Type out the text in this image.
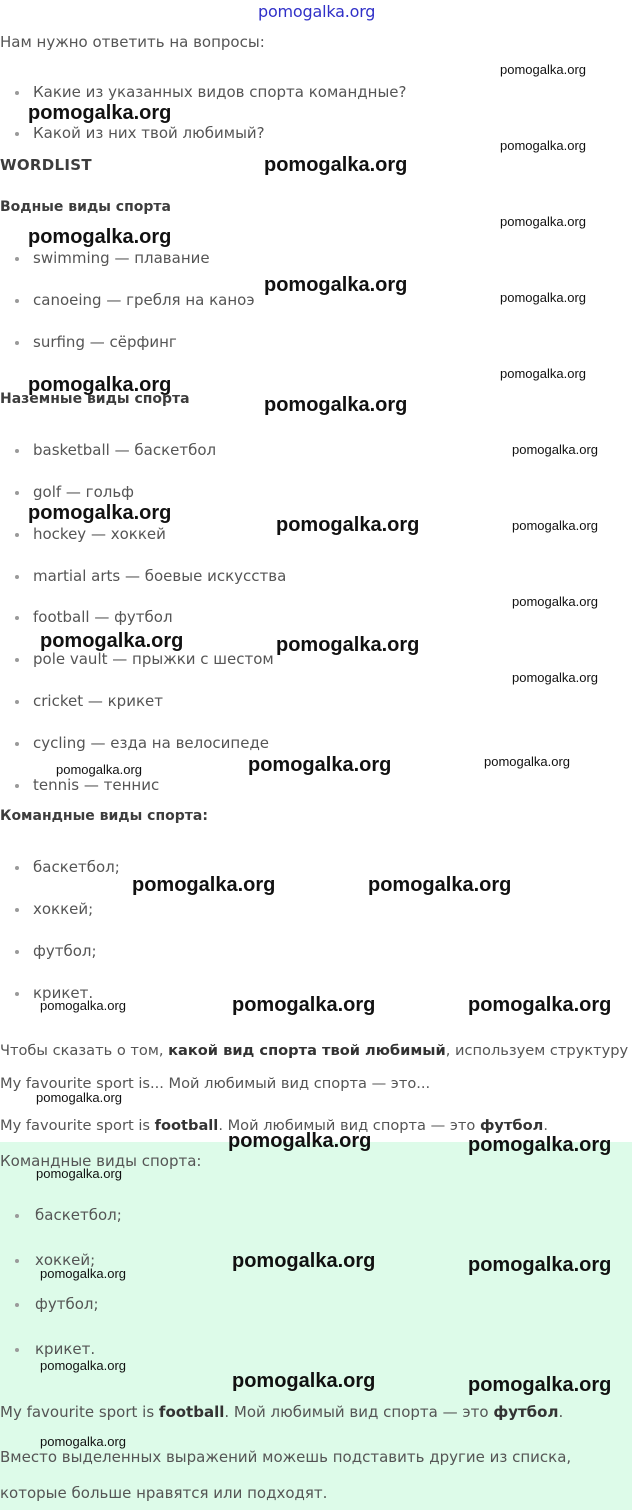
pomogalka.org
Нам нужно ответить на вопросы:
Какие из указанных видов спорта командные?
Какой из них твой любимый?
WORDLIST
Водные виды спорта
swimming — плавание
canoeing — гребля на каноэ
surfing — сёрфинг
Наземные виды спорта
basketball — баскетбол
golf — гольф
hockey — хоккей
martial arts — боевые искусства
football — футбол
pole vault — прыжки с шестом
cricket — крикет
cycling — езда на велосипеде
tennis — теннис
Командные виды спорта:
баскетбол;
хоккей;
футбол;
крикет.
Чтобы сказать о том, какой вид спорта твой любимый, используем структуру
My favourite sport is... Мой любимый вид спорта — это...
My favourite sport is football. Мой любимый вид спорта — это футбол.
Командные виды спорта:
баскетбол;
хоккей;
футбол;
крикет.
My favourite sport is football. Мой любимый вид спорта — это футбол.
Вместо выделенных выражений можешь подставить другие из списка,
которые больше нравятся или подходят.
pomogalka.org
pomogalka.org
pomogalka.org
pomogalka.org
pomogalka.org
pomogalka.org
pomogalka.org
pomogalka.org
pomogalka.org
pomogalka.org
pomogalka.org
pomogalka.org
pomogalka.org
pomogalka.org	pomogalka.org
pomogalka.org
pomogalka.org	pomogalka.org
pomogalka.org
pomogalka.org
pomogalka.org
pomogalka.org
pomogalka.org	pomogalka.org
pomogalka.org	pomogalka.org	pomogalka.org
pomogalka.org
pomogalka.org	pomogalka.org
pomogalka.org
pomogalka.org	pomogalka.org
pomogalka.org
pomogalka.org
pomogalka.org	pomogalka.org
pomogalka.org
